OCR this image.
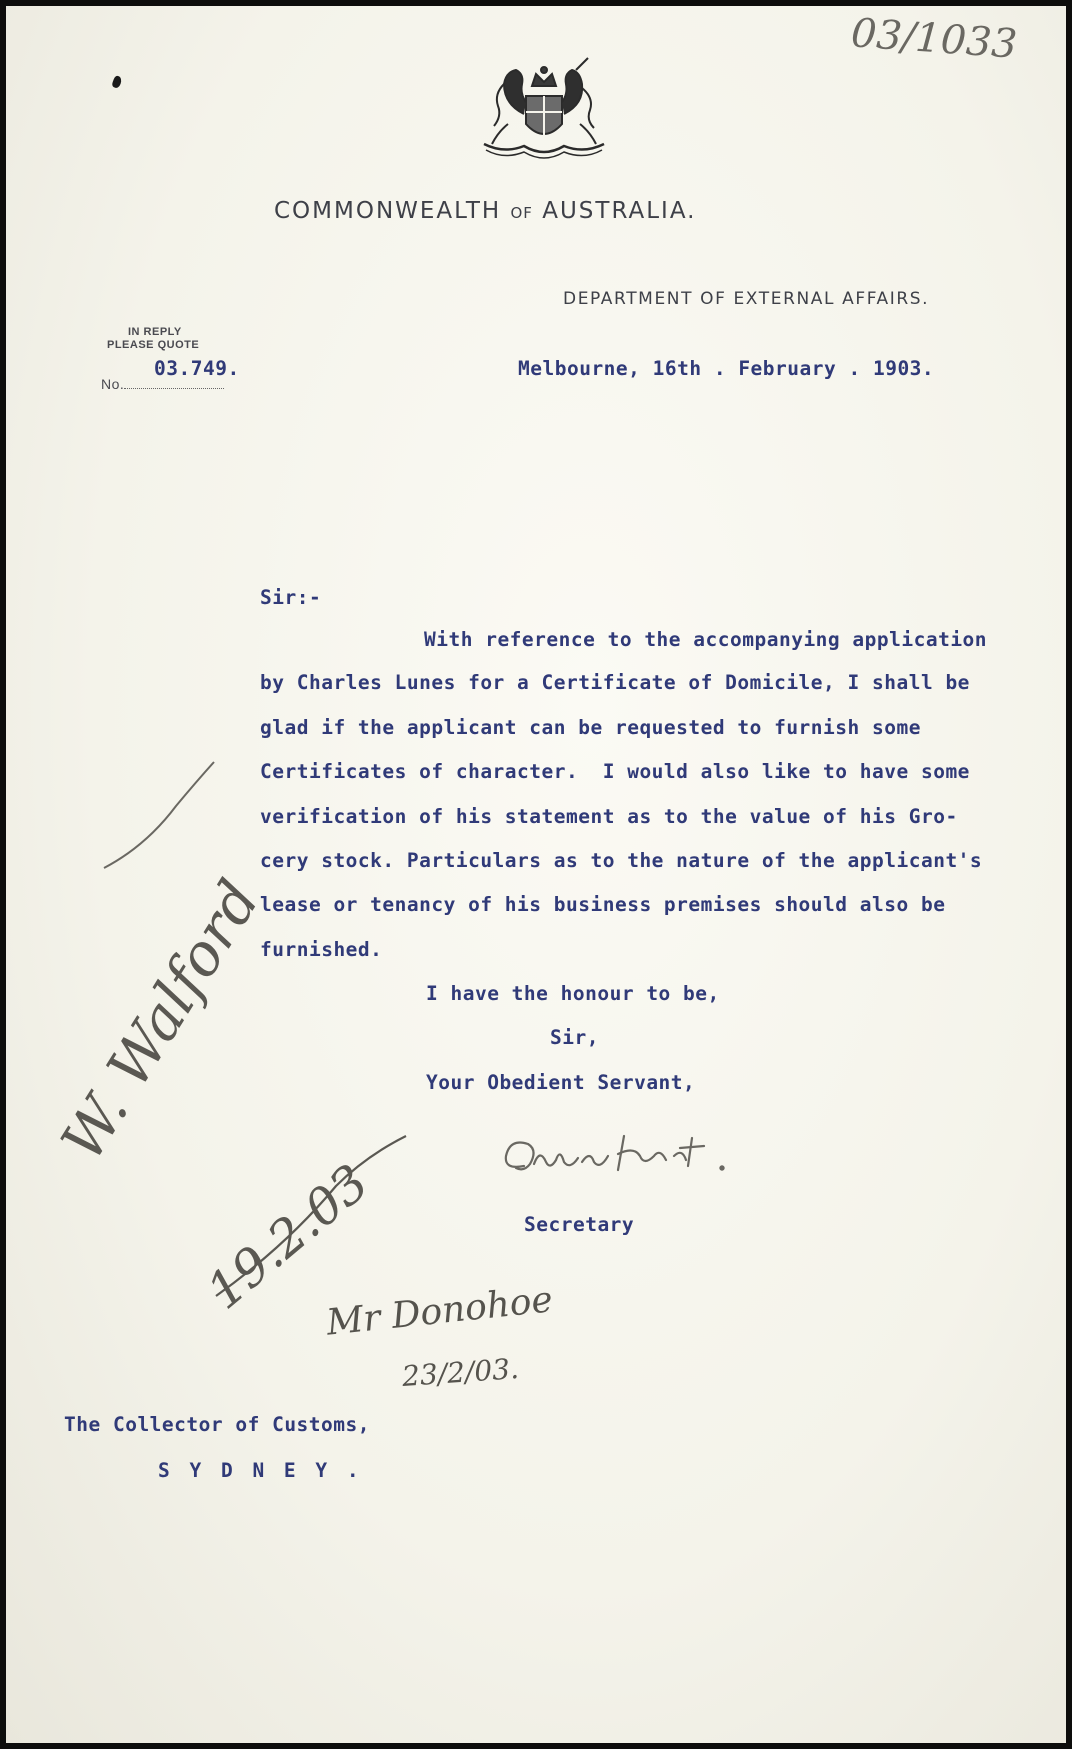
03/1033
COMMONWEALTH OF AUSTRALIA.
DEPARTMENT OF EXTERNAL AFFAIRS.
IN REPLY
PLEASE QUOTE
No.
03.749.	Melbourne, 16th . February . 1903.
Sir:-
With reference to the accompanying application
by Charles Lunes for a Certificate of Domicile, I shall be
glad if the applicant can be requested to furnish some
Certificates of character.  I would also like to have some
verification of his statement as to the value of his Gro-
cery stock. Particulars as to the nature of the applicant's
lease or tenancy of his business premises should also be
furnished.
I have the honour to be,
Sir,
Your Obedient Servant,
Secretary
W. Walford
19.2.03
Mr Donohoe
23/2/03.
The Collector of Customs,
S Y D N E Y .
